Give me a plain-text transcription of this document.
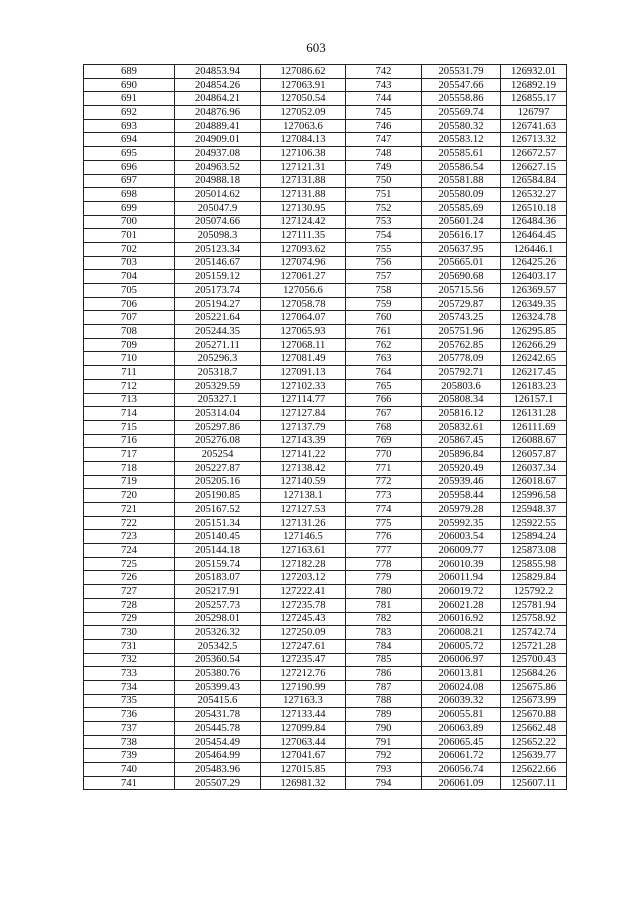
603
689	204853.94	127086.62	742	205531.79	126932.01
690	204854.26	127063.91	743	205547.66	126892.19
691	204864.21	127050.54	744	205558.86	126855.17
692	204876.96	127052.09	745	205569.74	126797
693	204889.41	127063.6	746	205580.32	126741.63
694	204909.01	127084.13	747	205583.12	126713.32
695	204937.08	127106.38	748	205585.61	126672.57
696	204963.52	127121.31	749	205586.54	126627.15
697	204988.18	127131.88	750	205581.88	126584.84
698	205014.62	127131.88	751	205580.09	126532.27
699	205047.9	127130.95	752	205585.69	126510.18
700	205074.66	127124.42	753	205601.24	126484.36
701	205098.3	127111.35	754	205616.17	126464.45
702	205123.34	127093.62	755	205637.95	126446.1
703	205146.67	127074.96	756	205665.01	126425.26
704	205159.12	127061.27	757	205690.68	126403.17
705	205173.74	127056.6	758	205715.56	126369.57
706	205194.27	127058.78	759	205729.87	126349.35
707	205221.64	127064.07	760	205743.25	126324.78
708	205244.35	127065.93	761	205751.96	126295.85
709	205271.11	127068.11	762	205762.85	126266.29
710	205296.3	127081.49	763	205778.09	126242.65
711	205318.7	127091.13	764	205792.71	126217.45
712	205329.59	127102.33	765	205803.6	126183.23
713	205327.1	127114.77	766	205808.34	126157.1
714	205314.04	127127.84	767	205816.12	126131.28
715	205297.86	127137.79	768	205832.61	126111.69
716	205276.08	127143.39	769	205867.45	126088.67
717	205254	127141.22	770	205896.84	126057.87
718	205227.87	127138.42	771	205920.49	126037.34
719	205205.16	127140.59	772	205939.46	126018.67
720	205190.85	127138.1	773	205958.44	125996.58
721	205167.52	127127.53	774	205979.28	125948.37
722	205151.34	127131.26	775	205992.35	125922.55
723	205140.45	127146.5	776	206003.54	125894.24
724	205144.18	127163.61	777	206009.77	125873.08
725	205159.74	127182.28	778	206010.39	125855.98
726	205183.07	127203.12	779	206011.94	125829.84
727	205217.91	127222.41	780	206019.72	125792.2
728	205257.73	127235.78	781	206021.28	125781.94
729	205298.01	127245.43	782	206016.92	125758.92
730	205326.32	127250.09	783	206008.21	125742.74
731	205342.5	127247.61	784	206005.72	125721.28
732	205360.54	127235.47	785	206006.97	125700.43
733	205380.76	127212.76	786	206013.81	125684.26
734	205399.43	127190.99	787	206024.08	125675.86
735	205415.6	127163.3	788	206039.32	125673.99
736	205431.78	127133.44	789	206055.81	125670.88
737	205445.78	127099.84	790	206063.89	125662.48
738	205454.49	127063.44	791	206065.45	125652.22
739	205464.99	127041.67	792	206061.72	125639.77
740	205483.96	127015.85	793	206056.74	125622.66
741	205507.29	126981.32	794	206061.09	125607.11
